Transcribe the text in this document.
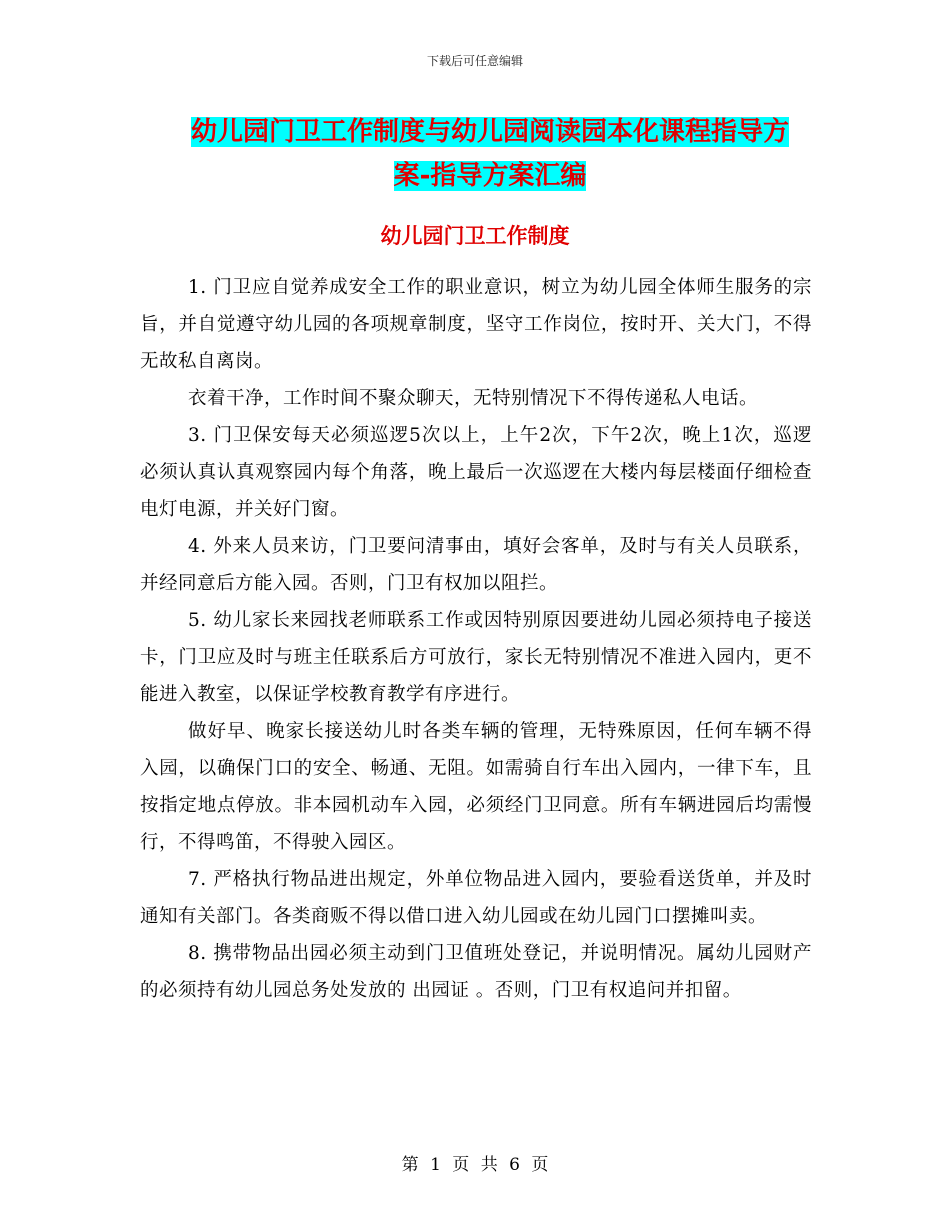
下载后可任意编辑
幼儿园门卫工作制度与幼儿园阅读园本化课程指导方
案-指导方案汇编
幼儿园门卫工作制度

1. 门卫应自觉养成安全工作的职业意识，树立为幼儿园全体师生服务的宗旨，并自觉遵守幼儿园的各项规章制度，坚守工作岗位，按时开、关大门，不得无故私自离岗。

衣着干净，工作时间不聚众聊天，无特别情况下不得传递私人电话。

3. 门卫保安每天必须巡逻5次以上，上午2次，下午2次，晚上1次，巡逻必须认真认真观察园内每个角落，晚上最后一次巡逻在大楼内每层楼面仔细检查电灯电源，并关好门窗。

4. 外来人员来访，门卫要问清事由，填好会客单，及时与有关人员联系，并经同意后方能入园。否则，门卫有权加以阻拦。

5. 幼儿家长来园找老师联系工作或因特别原因要进幼儿园必须持电子接送卡，门卫应及时与班主任联系后方可放行，家长无特别情况不准进入园内，更不能进入教室，以保证学校教育教学有序进行。

做好早、晚家长接送幼儿时各类车辆的管理，无特殊原因，任何车辆不得入园，以确保门口的安全、畅通、无阻。如需骑自行车出入园内，一律下车，且按指定地点停放。非本园机动车入园，必须经门卫同意。所有车辆进园后均需慢行，不得鸣笛，不得驶入园区。

7. 严格执行物品进出规定，外单位物品进入园内，要验看送货单，并及时通知有关部门。各类商贩不得以借口进入幼儿园或在幼儿园门口摆摊叫卖。

8. 携带物品出园必须主动到门卫值班处登记，并说明情况。属幼儿园财产的必须持有幼儿园总务处发放的 出园证 。否则，门卫有权追问并扣留。

第 1 页 共 6 页
